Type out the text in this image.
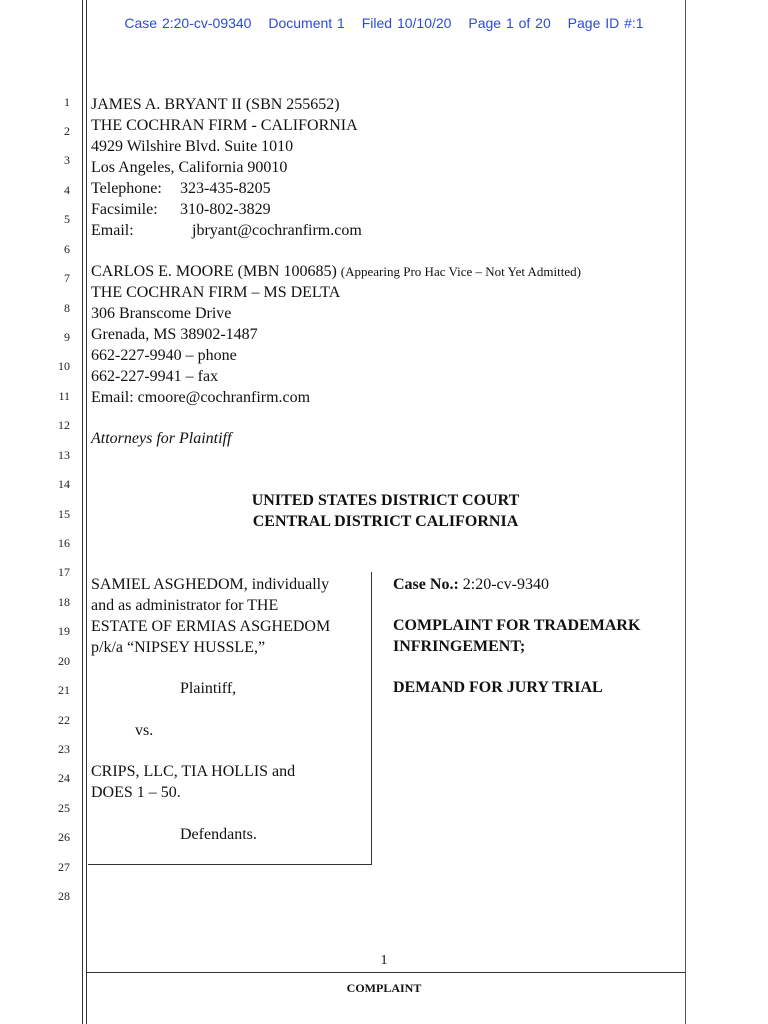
Case 2:20-cv-09340 Document 1 Filed 10/10/20 Page 1 of 20 Page ID #:1
1
2
3
4
5
6
7
8
9
10
11
12
13
14
15
16
17
18
19
20
21
22
23
24
25
26
27
28
JAMES A. BRYANT II (SBN 255652)
THE COCHRAN FIRM - CALIFORNIA
4929 Wilshire Blvd. Suite 1010
Los Angeles, California 90010
Telephone: 323-435-8205
Facsimile: 310-802-3829
Email:	jbryant@cochranfirm.com
CARLOS E. MOORE (MBN 100685) (Appearing Pro Hac Vice – Not Yet Admitted)
THE COCHRAN FIRM – MS DELTA
306 Branscome Drive
Grenada, MS 38902-1487
662-227-9940 – phone
662-227-9941 – fax
Email: cmoore@cochranfirm.com
Attorneys for Plaintiff
UNITED STATES DISTRICT COURT
CENTRAL DISTRICT CALIFORNIA
SAMIEL ASGHEDOM, individually
and as administrator for THE
ESTATE OF ERMIAS ASGHEDOM
p/k/a “NIPSEY HUSSLE,”
Plaintiff,
vs.
CRIPS, LLC, TIA HOLLIS and
DOES 1 – 50.
Defendants.
Case No.: 2:20-cv-9340
COMPLAINT FOR TRADEMARK
INFRINGEMENT;
DEMAND FOR JURY TRIAL
1
COMPLAINT
